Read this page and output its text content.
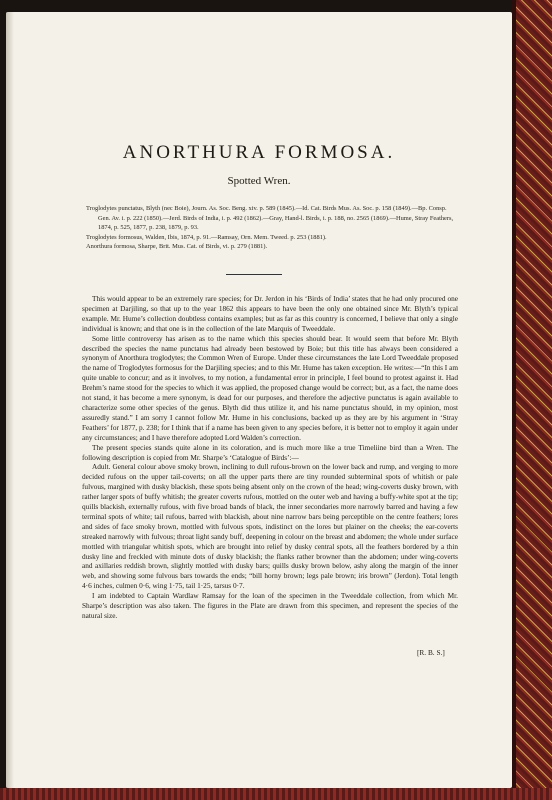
ANORTHURA FORMOSA.
Spotted Wren.
Troglodytes punctatus, Blyth (nec Boie), Journ. As. Soc. Beng. xiv. p. 589 (1845).—Id. Cat. Birds Mus. As. Soc. p. 158 (1849).—Bp. Consp. Gen. Av. i. p. 222 (1850).—Jerd. Birds of India, i. p. 492 (1862).—Gray, Hand-l. Birds, i. p. 188, no. 2565 (1869).—Hume, Stray Feathers, 1874, p. 525, 1877, p. 238, 1879, p. 93.
Troglodytes formosus, Walden, Ibis, 1874, p. 91.—Ramsay, Orn. Mem. Tweed. p. 253 (1881).
Anorthura formosa, Sharpe, Brit. Mus. Cat. of Birds, vi. p. 279 (1881).

This would appear to be an extremely rare species; for Dr. Jerdon in his ‘Birds of India’ states that he had only procured one specimen at Darjiling, so that up to the year 1862 this appears to have been the only one obtained since Mr. Blyth’s typical example. Mr. Hume’s collection doubtless contains examples; but as far as this country is concerned, I believe that only a single individual is known; and that one is in the collection of the late Marquis of Tweeddale.

Some little controversy has arisen as to the name which this species should bear. It would seem that before Mr. Blyth described the species the name punctatus had already been bestowed by Boie; but this title has always been considered a synonym of Anorthura troglodytes; the Common Wren of Europe. Under these circumstances the late Lord Tweeddale proposed the name of Troglodytes formosus for the Darjiling species; and to this Mr. Hume has taken exception. He writes:—“In this I am quite unable to concur; and as it involves, to my notion, a fundamental error in principle, I feel bound to protest against it. Had Brehm’s name stood for the species to which it was applied, the proposed change would be correct; but, as a fact, the name does not stand, it has become a mere synonym, is dead for our purposes, and therefore the adjective punctatus is again available to characterize some other species of the genus. Blyth did thus utilize it, and his name punctatus should, in my opinion, most assuredly stand.” I am sorry I cannot follow Mr. Hume in his conclusions, backed up as they are by his argument in ‘Stray Feathers’ for 1877, p. 238; for I think that if a name has been given to any species before, it is better not to employ it again under any circumstances; and I have therefore adopted Lord Walden’s correction.

The present species stands quite alone in its coloration, and is much more like a true Timeliine bird than a Wren. The following description is copied from Mr. Sharpe’s ‘Catalogue of Birds’:—

Adult. General colour above smoky brown, inclining to dull rufous-brown on the lower back and rump, and verging to more decided rufous on the upper tail-coverts; on all the upper parts there are tiny rounded subterminal spots of whitish or pale fulvous, margined with dusky blackish, these spots being absent only on the crown of the head; wing-coverts dusky brown, with rather larger spots of buffy whitish; the greater coverts rufous, mottled on the outer web and having a buffy-white spot at the tip; quills blackish, externally rufous, with five broad bands of black, the inner secondaries more narrowly barred and having a few terminal spots of white; tail rufous, barred with blackish, about nine narrow bars being perceptible on the centre feathers; lores and sides of face smoky brown, mottled with fulvous spots, indistinct on the lores but plainer on the cheeks; the ear-coverts streaked narrowly with fulvous; throat light sandy buff, deepening in colour on the breast and abdomen; the whole under surface mottled with triangular whitish spots, which are brought into relief by dusky central spots, all the feathers bordered by a thin dusky line and freckled with minute dots of dusky blackish; the flanks rather browner than the abdomen; under wing-coverts and axillaries reddish brown, slightly mottled with dusky bars; quills dusky brown below, ashy along the margin of the inner web, and showing some fulvous bars towards the ends; “bill horny brown; legs pale brown; iris brown” (Jerdon). Total length 4·6 inches, culmen 0·6, wing 1·75, tail 1·25, tarsus 0·7.

I am indebted to Captain Wardlaw Ramsay for the loan of the specimen in the Tweeddale collection, from which Mr. Sharpe’s description was also taken. The figures in the Plate are drawn from this specimen, and represent the species of the natural size.

[R. B. S.]
